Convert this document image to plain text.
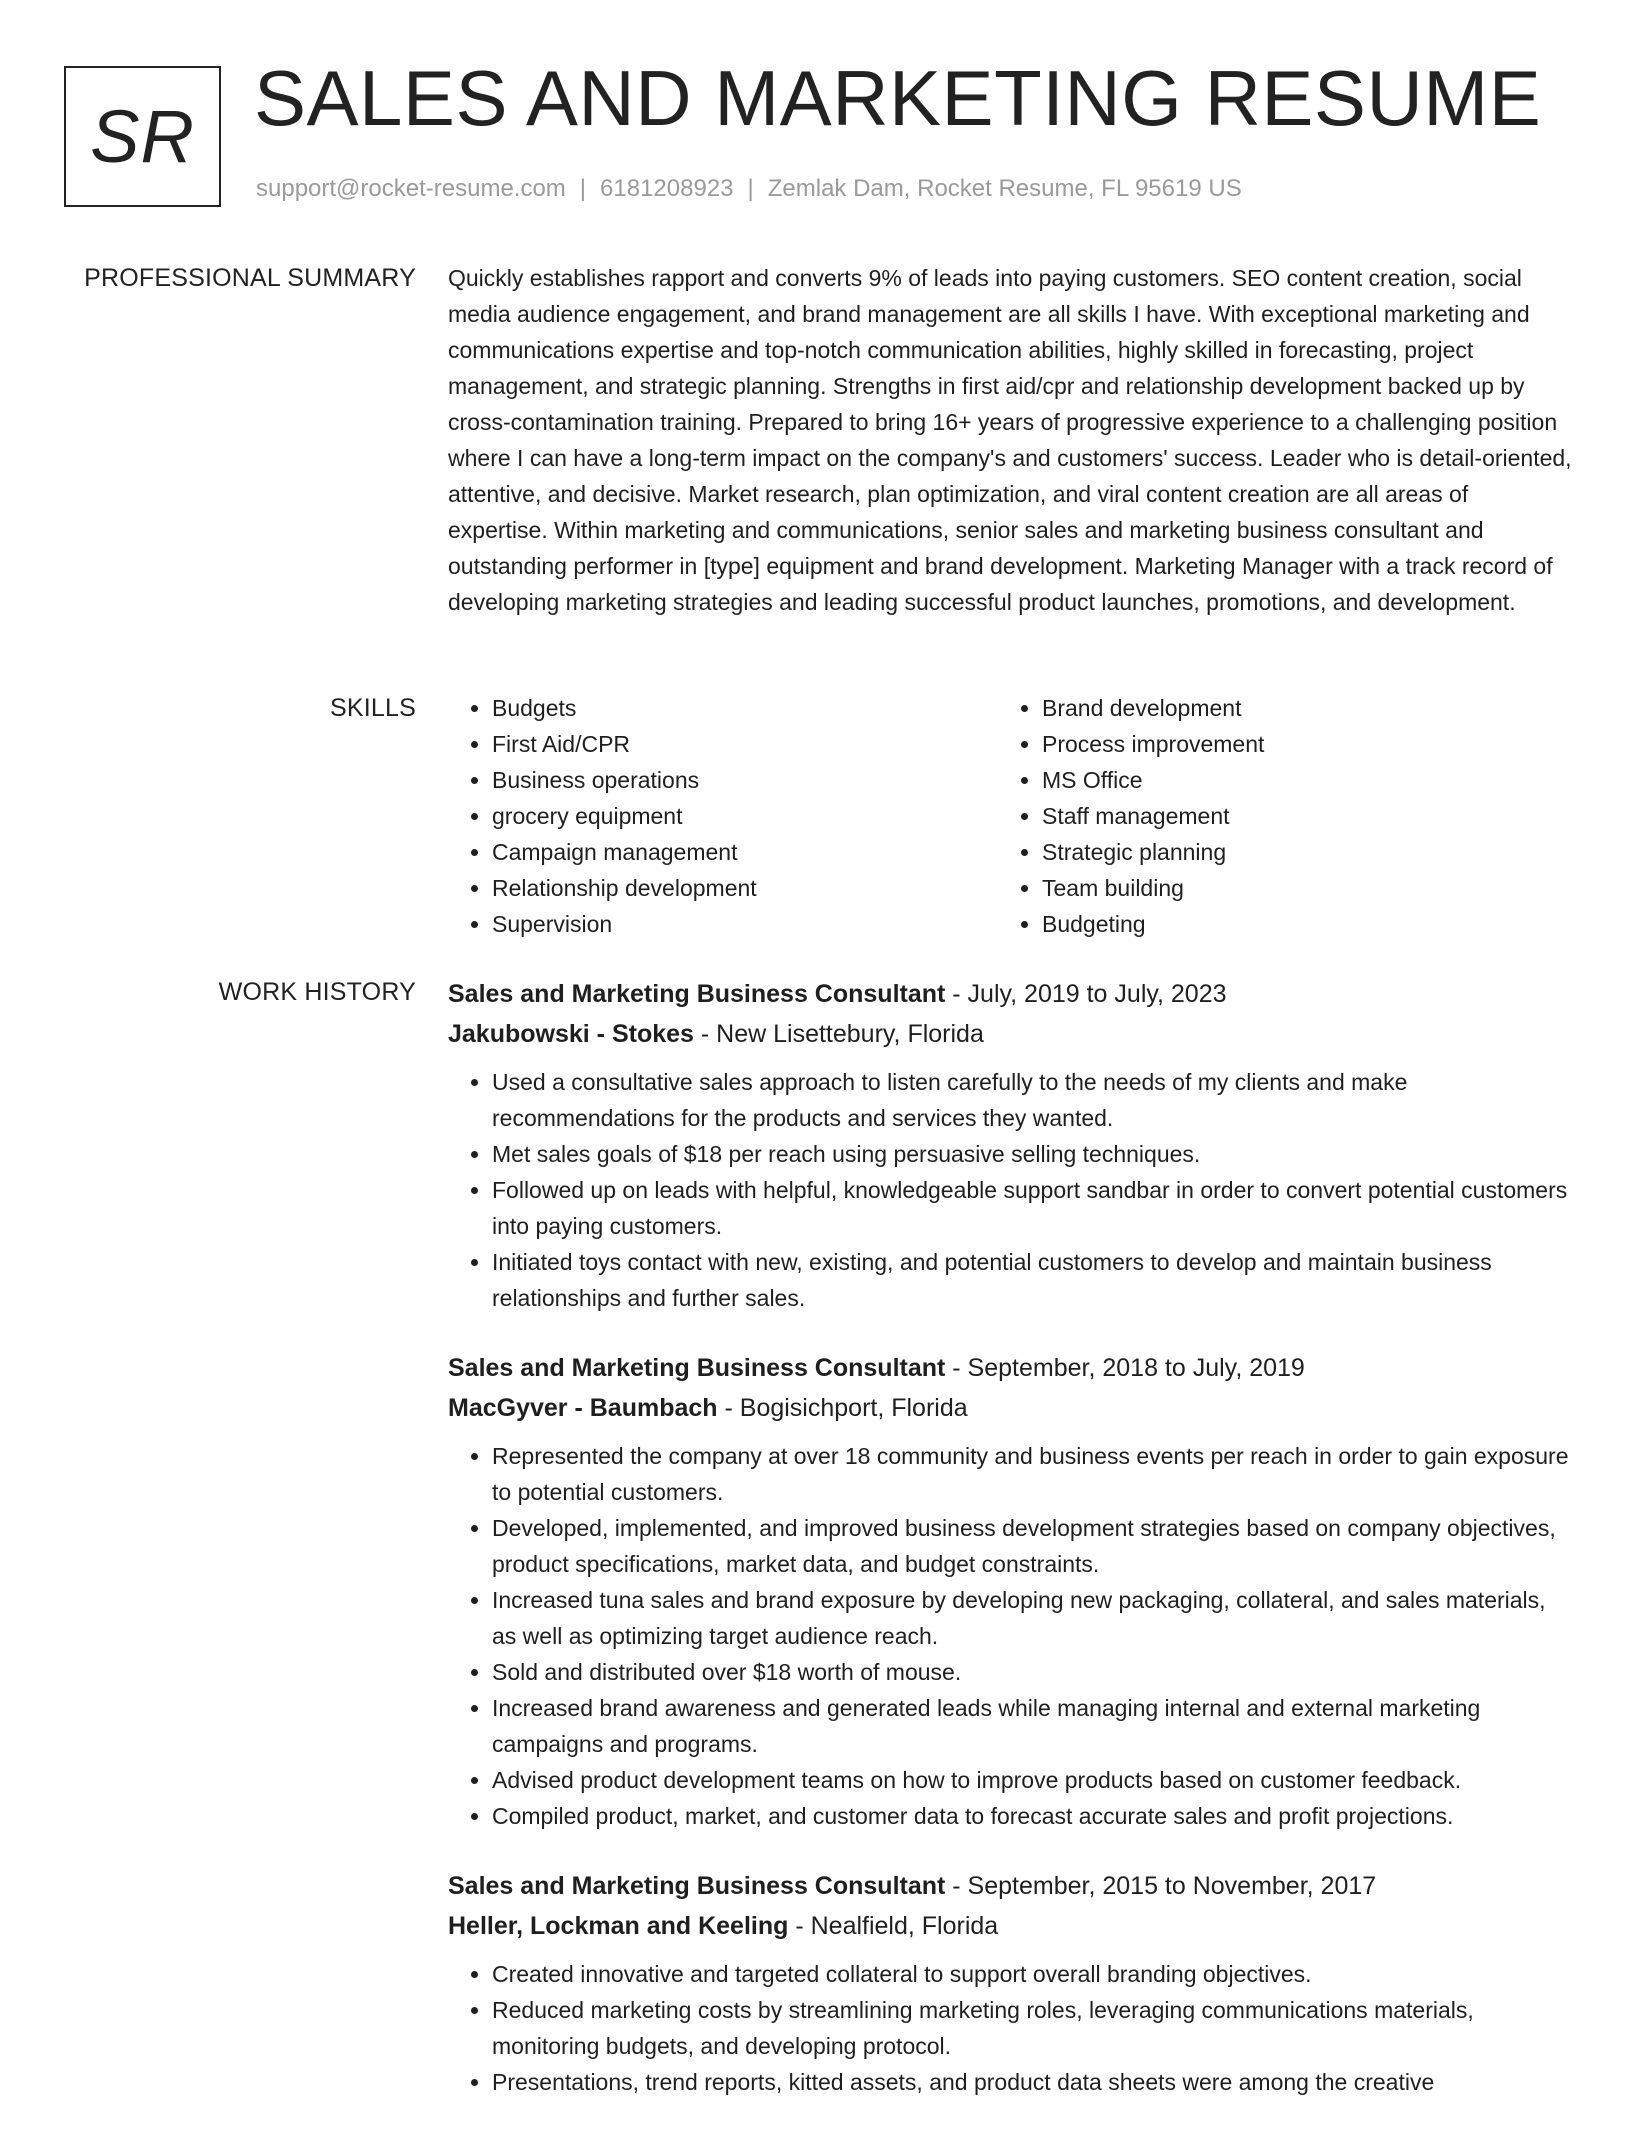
SR SALES AND MARKETING RESUME
support@rocket-resume.com | 6181208923 | Zemlak Dam, Rocket Resume, FL 95619 US
PROFESSIONAL SUMMARY Quickly establishes rapport and converts 9% of leads into paying customers. SEO content creation, social media audience engagement, and brand management are all skills I have. With exceptional marketing and communications expertise and top-notch communication abilities, highly skilled in forecasting, project management, and strategic planning. Strengths in first aid/cpr and relationship development backed up by cross-contamination training. Prepared to bring 16+ years of progressive experience to a challenging position where I can have a long-term impact on the company's and customers' success. Leader who is detail-oriented, attentive, and decisive. Market research, plan optimization, and viral content creation are all areas of expertise. Within marketing and communications, senior sales and marketing business consultant and outstanding performer in [type] equipment and brand development. Marketing Manager with a track record of developing marketing strategies and leading successful product launches, promotions, and development.

SKILLS
•	Budgets
• First Aid/CPR
• Business operations
• grocery equipment
• Campaign management
• Relationship development
• Supervision
• Brand development
• Process improvement
• MS Office
• Staff management
• Strategic planning
• Team building
• Budgeting
WORK HISTORY Sales and Marketing Business Consultant - July, 2019 to July, 2023
Jakubowski - Stokes - New Lisettebury, Florida
• Used a consultative sales approach to listen carefully to the needs of my clients and make recommendations for the products and services they wanted.
• Met sales goals of $18 per reach using persuasive selling techniques.
• Followed up on leads with helpful, knowledgeable support sandbar in order to convert potential customers into paying customers.
• Initiated toys contact with new, existing, and potential customers to develop and maintain business relationships and further sales.
Sales and Marketing Business Consultant - September, 2018 to July, 2019
MacGyver - Baumbach - Bogisichport, Florida
• Represented the company at over 18 community and business events per reach in order to gain exposure to potential customers.
• Developed, implemented, and improved business development strategies based on company objectives, product specifications, market data, and budget constraints.
• Increased tuna sales and brand exposure by developing new packaging, collateral, and sales materials, as well as optimizing target audience reach.
• Sold and distributed over $18 worth of mouse.
• Increased brand awareness and generated leads while managing internal and external marketing campaigns and programs.
• Advised product development teams on how to improve products based on customer feedback.
• Compiled product, market, and customer data to forecast accurate sales and profit projections.
Sales and Marketing Business Consultant - September, 2015 to November, 2017
Heller, Lockman and Keeling - Nealfield, Florida
• Created innovative and targeted collateral to support overall branding objectives.
• Reduced marketing costs by streamlining marketing roles, leveraging communications materials, monitoring budgets, and developing protocol.
• Presentations, trend reports, kitted assets, and product data sheets were among the creative
